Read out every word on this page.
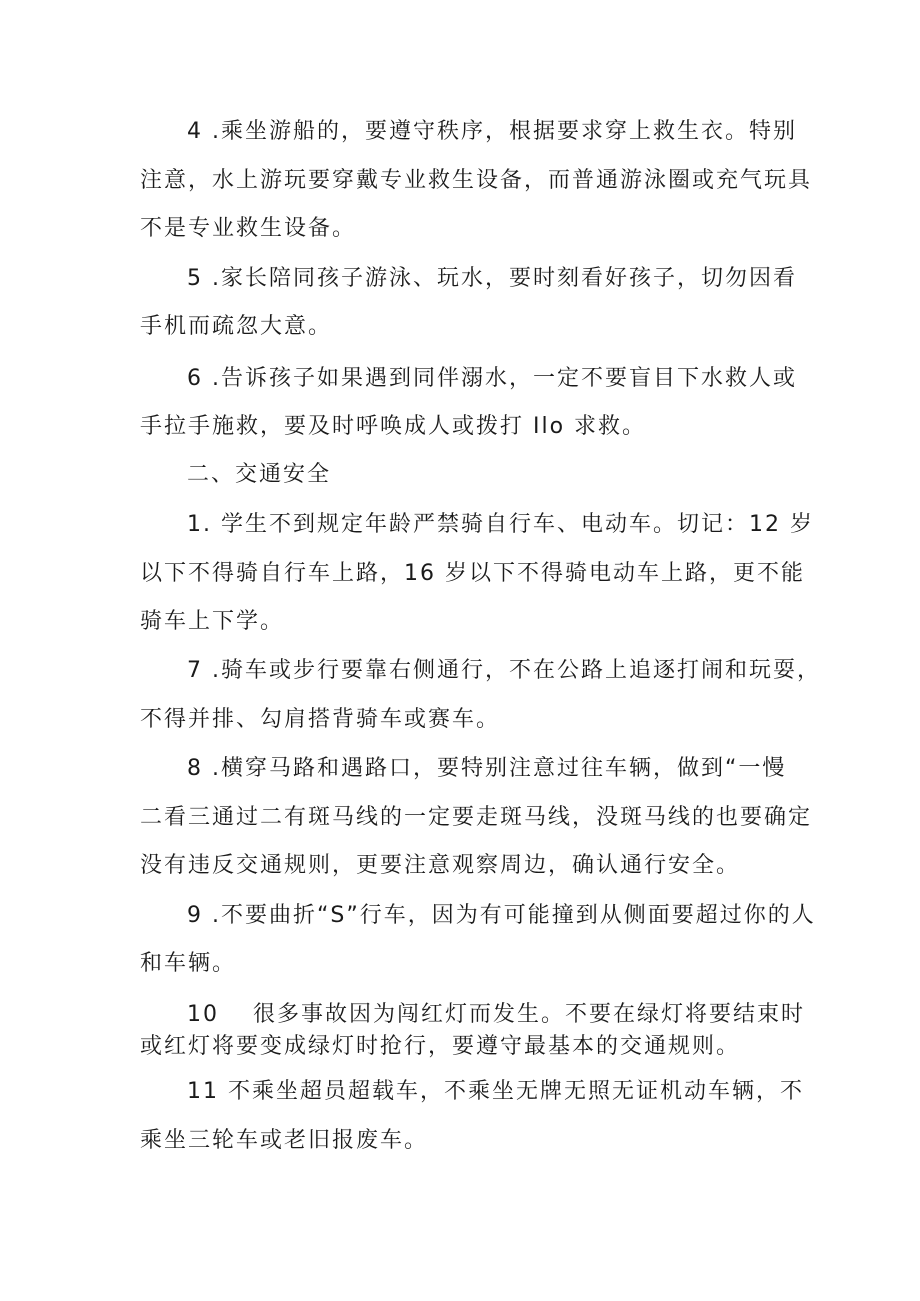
4 .乘坐游船的，要遵守秩序，根据要求穿上救生衣。特别
注意，水上游玩要穿戴专业救生设备，而普通游泳圈或充气玩具
不是专业救生设备。
5 .家长陪同孩子游泳、玩水，要时刻看好孩子，切勿因看
手机而疏忽大意。
6 .告诉孩子如果遇到同伴溺水，一定不要盲目下水救人或
手拉手施救，要及时呼唤成人或拨打 Ilo 求救。
二、交通安全
1. 学生不到规定年龄严禁骑自行车、电动车。切记：12 岁
以下不得骑自行车上路，16 岁以下不得骑电动车上路，更不能
骑车上下学。
7 .骑车或步行要靠右侧通行，不在公路上追逐打闹和玩耍，
不得并排、勾肩搭背骑车或赛车。
8 .横穿马路和遇路口，要特别注意过往车辆，做到“一慢
二看三通过二有斑马线的一定要走斑马线，没斑马线的也要确定
没有违反交通规则，更要注意观察周边，确认通行安全。
9 .不要曲折“S”行车，因为有可能撞到从侧面要超过你的人
和车辆。
10 很多事故因为闯红灯而发生。不要在绿灯将要结束时
或红灯将要变成绿灯时抢行，要遵守最基本的交通规则。
11 不乘坐超员超载车，不乘坐无牌无照无证机动车辆，不
乘坐三轮车或老旧报废车。
